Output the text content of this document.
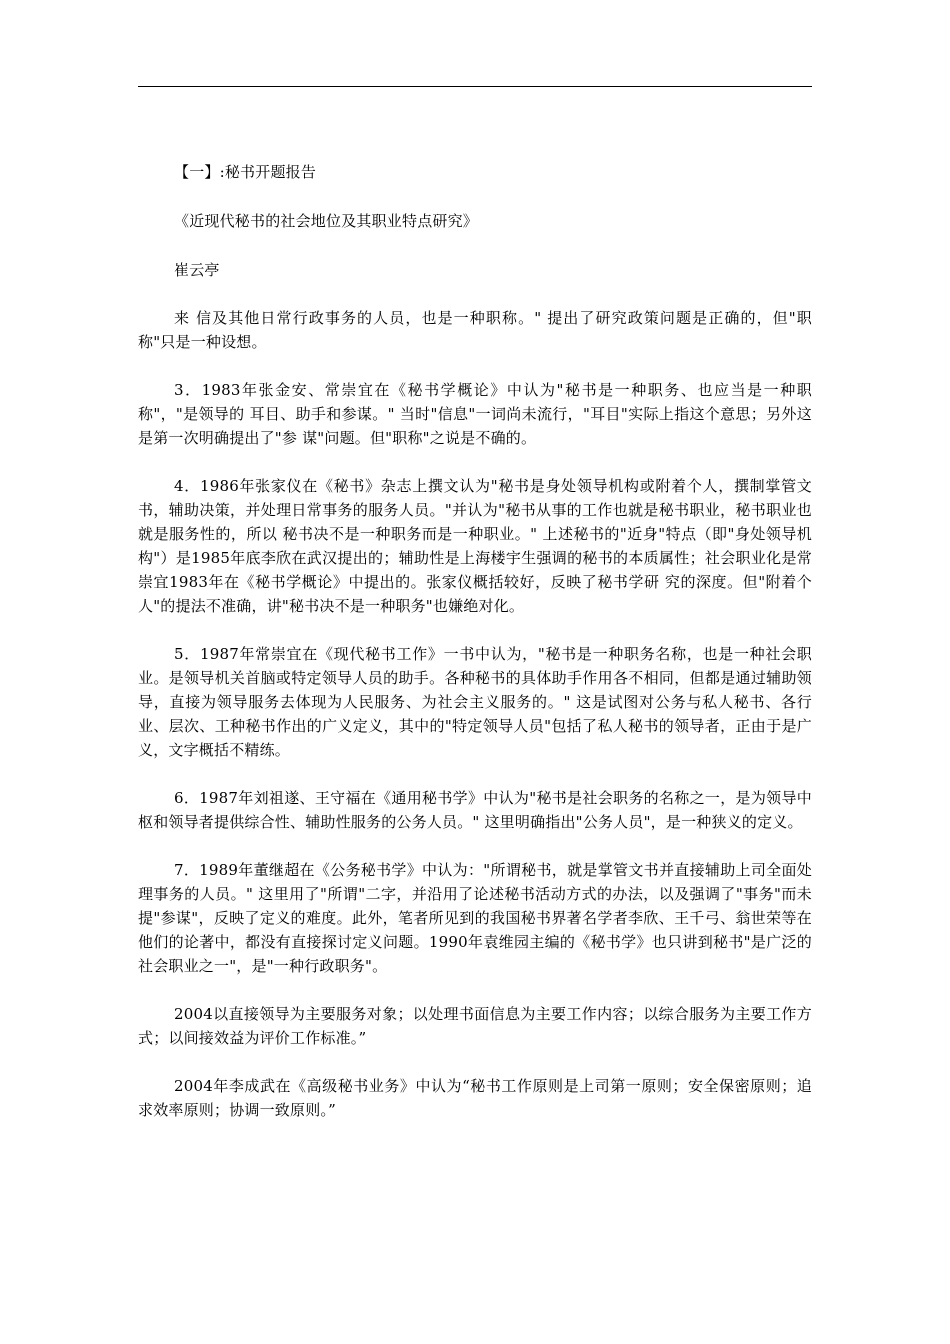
【一】:秘书开题报告

《近现代秘书的社会地位及其职业特点研究》

崔云亭

来 信及其他日常行政事务的人员，也是一种职称。" 提出了研究政策问题是正确的，但"职称"只是一种设想。

3．1983年张金安、常崇宜在《秘书学概论》中认为"秘书是一种职务、也应当是一种职称"，"是领导的 耳目、助手和参谋。" 当时"信息"一词尚未流行，"耳目"实际上指这个意思；另外这是第一次明确提出了"参 谋"问题。但"职称"之说是不确的。

4．1986年张家仪在《秘书》杂志上撰文认为"秘书是身处领导机构或附着个人，撰制掌管文书，辅助决策，并处理日常事务的服务人员。"并认为"秘书从事的工作也就是秘书职业，秘书职业也就是服务性的，所以 秘书决不是一种职务而是一种职业。" 上述秘书的"近身"特点（即"身处领导机构"）是1985年底李欣在武汉提出的；辅助性是上海楼宇生强调的秘书的本质属性；社会职业化是常崇宜1983年在《秘书学概论》中提出的。张家仪概括较好，反映了秘书学研 究的深度。但"附着个人"的提法不准确，讲"秘书决不是一种职务"也嫌绝对化。

5．1987年常崇宜在《现代秘书工作》一书中认为，"秘书是一种职务名称，也是一种社会职业。是领导机关首脑或特定领导人员的助手。各种秘书的具体助手作用各不相同，但都是通过辅助领导，直接为领导服务去体现为人民服务、为社会主义服务的。" 这是试图对公务与私人秘书、各行业、层次、工种秘书作出的广义定义，其中的"特定领导人员"包括了私人秘书的领导者，正由于是广义，文字概括不精练。

6．1987年刘祖遂、王守福在《通用秘书学》中认为"秘书是社会职务的名称之一，是为领导中枢和领导者提供综合性、辅助性服务的公务人员。" 这里明确指出"公务人员"，是一种狭义的定义。

7．1989年董继超在《公务秘书学》中认为："所谓秘书，就是掌管文书并直接辅助上司全面处理事务的人员。" 这里用了"所谓"二字，并沿用了论述秘书活动方式的办法，以及强调了"事务"而未提"参谋"，反映了定义的难度。此外，笔者所见到的我国秘书界著名学者李欣、王千弓、翁世荣等在他们的论著中，都没有直接探讨定义问题。1990年袁维园主编的《秘书学》也只讲到秘书"是广泛的社会职业之一"，是"一种行政职务"。

2004以直接领导为主要服务对象；以处理书面信息为主要工作内容；以综合服务为主要工作方式；以间接效益为评价工作标准。”

2004年李成武在《高级秘书业务》中认为“秘书工作原则是上司第一原则；安全保密原则；追求效率原则；协调一致原则。”
